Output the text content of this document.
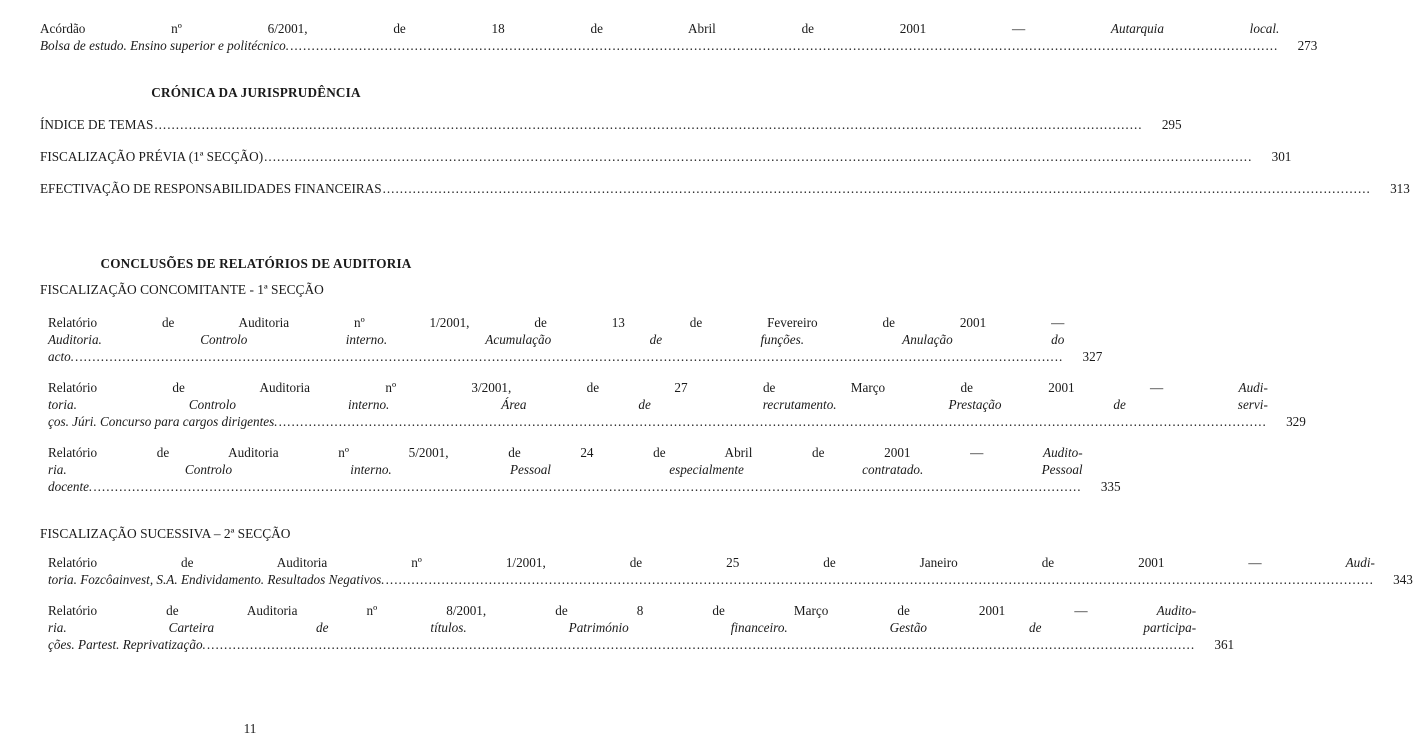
Acórdão nº 6/2001, de 18 de Abril de 2001 —	Autarquia local.
Bolsa de estudo. Ensino superior e politécnico. .....	273
CRÓNICA DA JURISPRUDÊNCIA
ÍNDICE DE TEMAS .....	295
FISCALIZAÇÃO PRÉVIA (1ª SECÇÃO) .....	301
EFECTIVAÇÃO DE RESPONSABILIDADES FINANCEIRAS .....	313
CONCLUSÕES DE RELATÓRIOS DE AUDITORIA
FISCALIZAÇÃO CONCOMITANTE - 1ª SECÇÃO
Relatório de Auditoria nº 1/2001, de 13 de Fevereiro de 2001 —
Auditoria. Controlo interno. Acumulação de funções. Anulação do
acto. .....	327
Relatório de Auditoria nº 3/2001, de 27 de Março de 2001 —	Audi-
toria. Controlo interno. Área de recrutamento. Prestação de servi-
ços. Júri. Concurso para cargos dirigentes. .....	329
Relatório de Auditoria nº 5/2001, de 24 de Abril de 2001 —	Audito-
ria. Controlo interno. Pessoal especialmente contratado. Pessoal
docente. .....	335
FISCALIZAÇÃO SUCESSIVA – 2ª SECÇÃO
Relatório de Auditoria nº 1/2001, de 25 de Janeiro de 2001 —	Audi-
toria. Fozcôainvest, S.A. Endividamento. Resultados Negativos. .....	343
Relatório de Auditoria nº 8/2001, de 8 de Março de 2001 —	Audito-
ria. Carteira de títulos. Património financeiro. Gestão de participa-
ções. Partest. Reprivatização. .....	361
11
